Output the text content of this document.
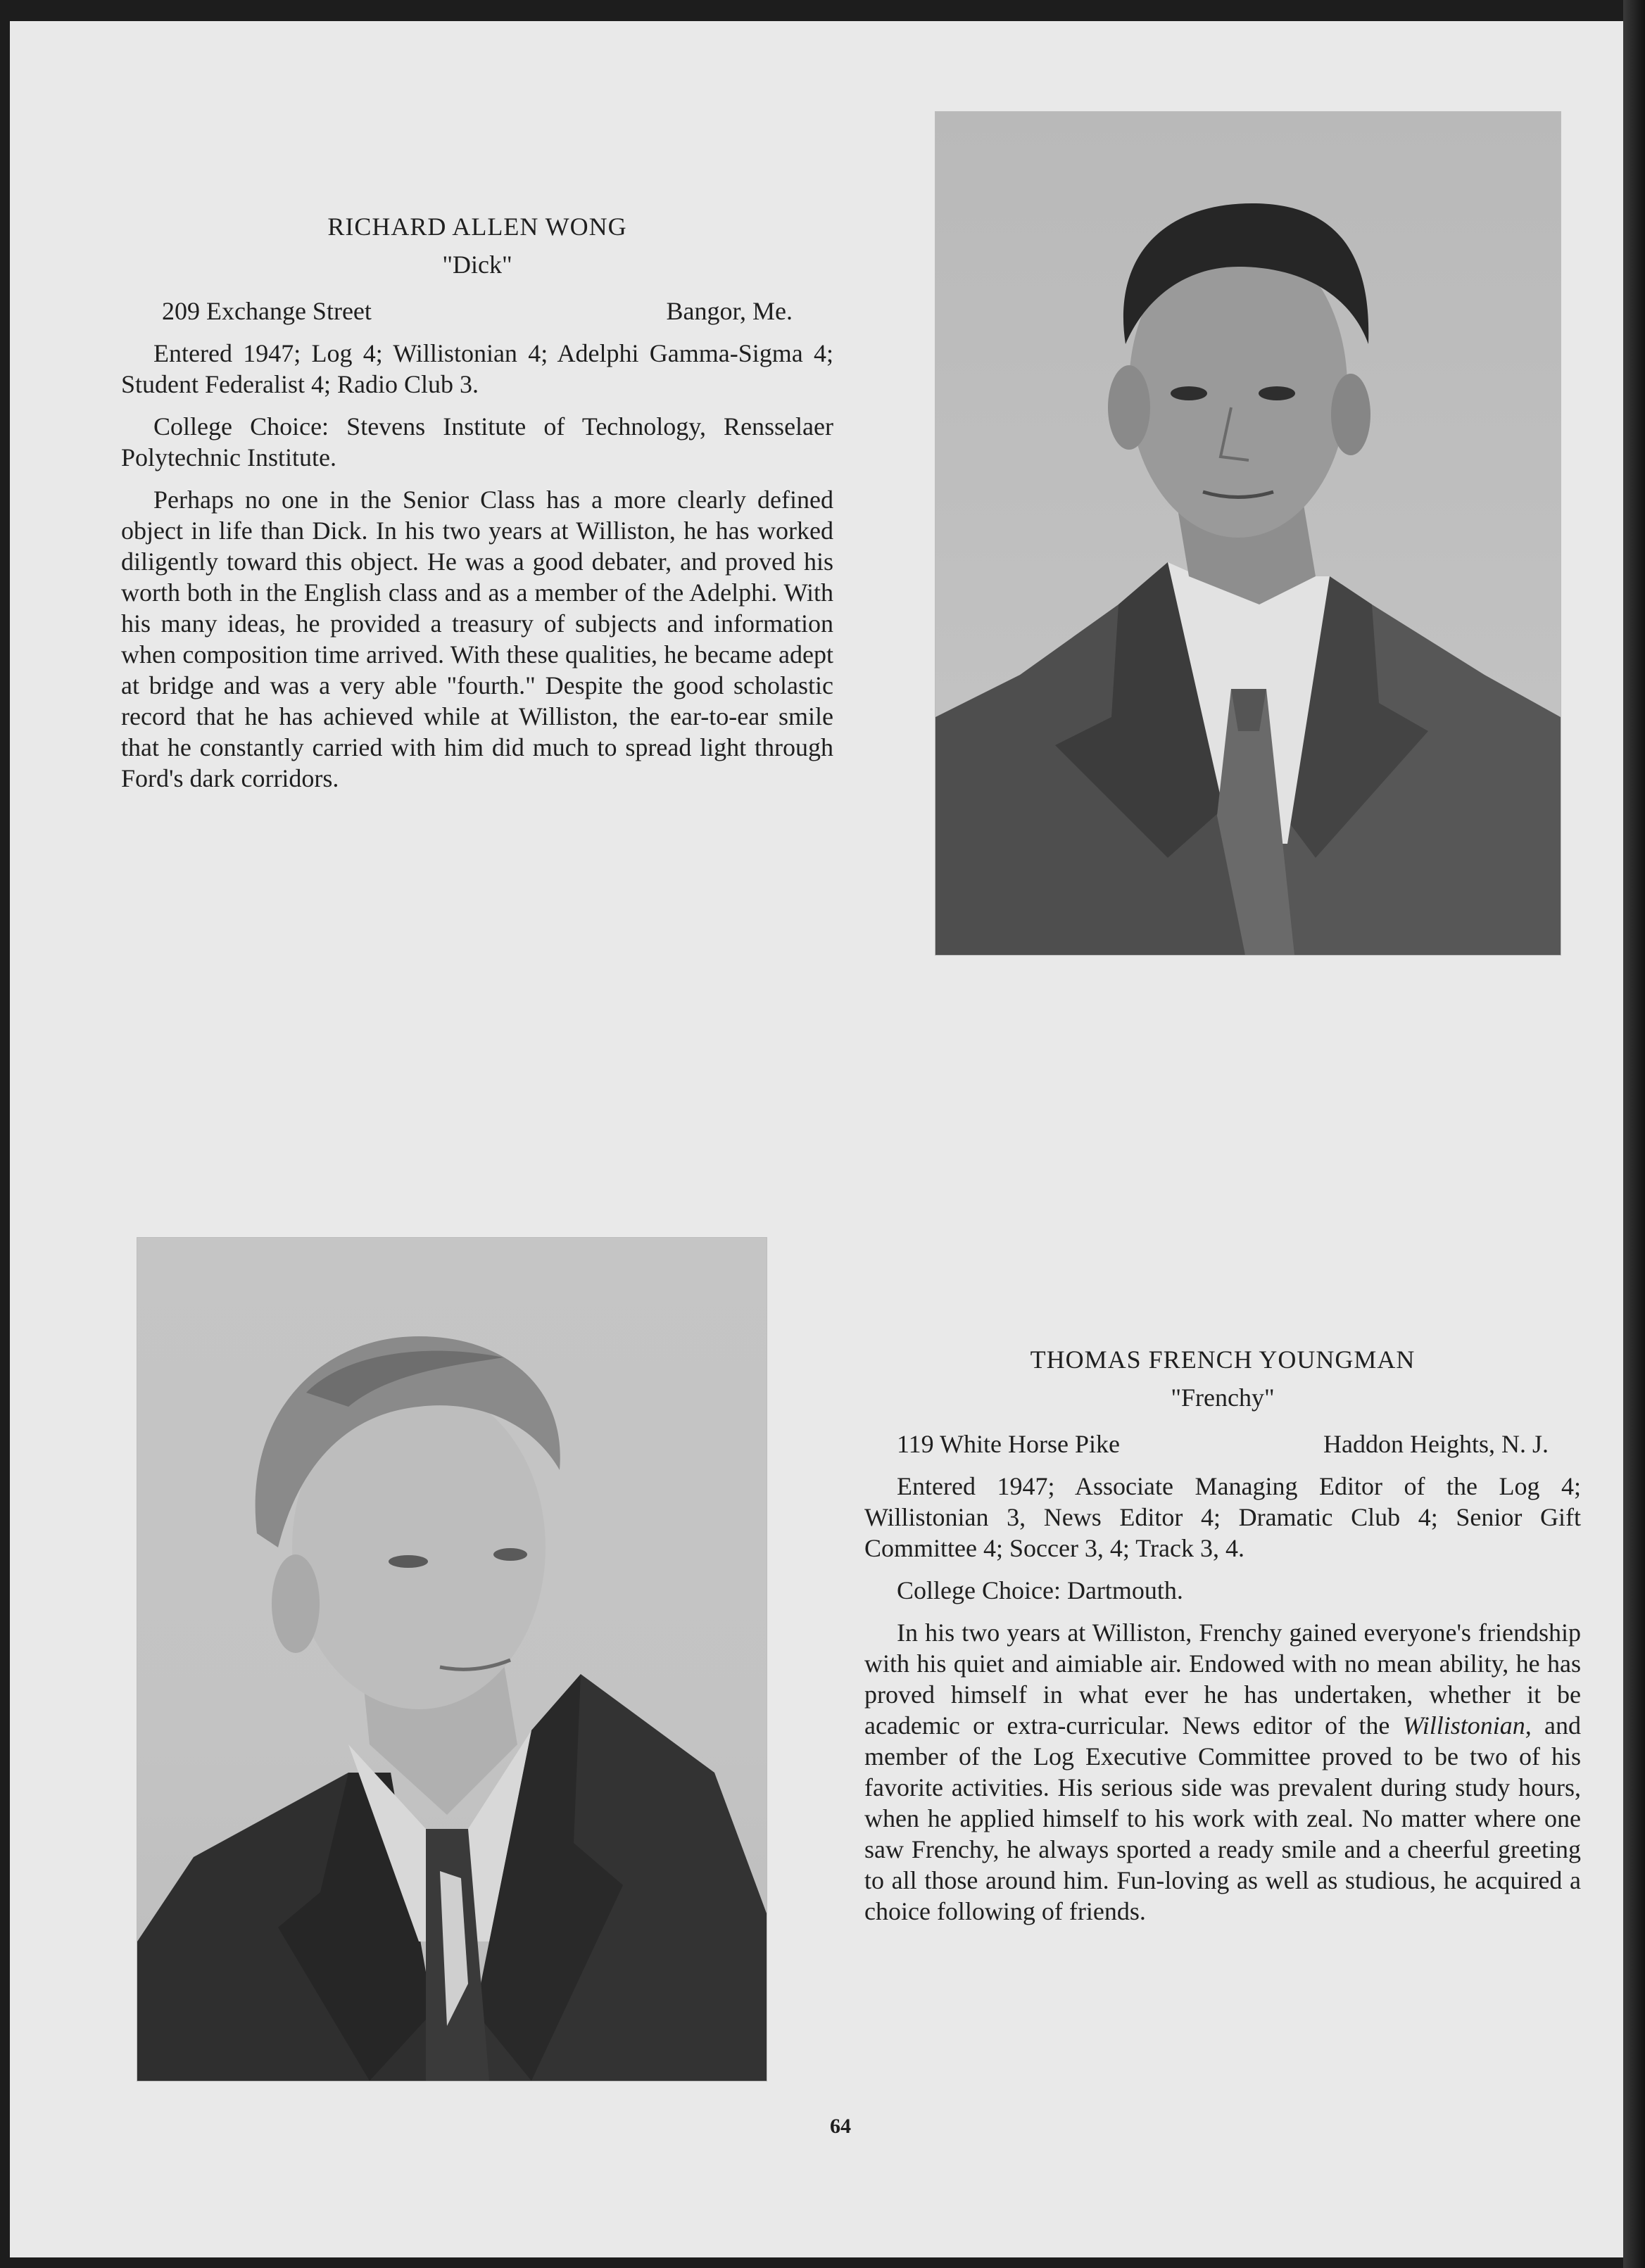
RICHARD ALLEN WONG

"Dick"

209 Exchange Street	Bangor, Me.

Entered 1947; Log 4; Willistonian 4; Adelphi Gamma-Sigma 4; Student Federalist 4; Radio Club 3.

College Choice: Stevens Institute of Technology, Rensselaer Polytechnic Institute.

Perhaps no one in the Senior Class has a more clearly defined object in life than Dick. In his two years at Williston, he has worked diligently toward this object. He was a good debater, and proved his worth both in the English class and as a member of the Adelphi. With his many ideas, he provided a treasury of subjects and information when composition time arrived. With these qualities, he became adept at bridge and was a very able "fourth." Despite the good scholastic record that he has achieved while at Williston, the ear-to-ear smile that he constantly carried with him did much to spread light through Ford's dark corridors.

THOMAS FRENCH YOUNGMAN

"Frenchy"

119 White Horse Pike	Haddon Heights, N. J.

Entered 1947; Associate Managing Editor of the Log 4; Willistonian 3, News Editor 4; Dramatic Club 4; Senior Gift Committee 4; Soccer 3, 4; Track 3, 4.

College Choice: Dartmouth.

In his two years at Williston, Frenchy gained everyone's friendship with his quiet and aimiable air. Endowed with no mean ability, he has proved himself in what ever he has undertaken, whether it be academic or extra-curricular. News editor of the Willistonian, and member of the Log Executive Committee proved to be two of his favorite activities. His serious side was prevalent during study hours, when he applied himself to his work with zeal. No matter where one saw Frenchy, he always sported a ready smile and a cheerful greeting to all those around him. Fun-loving as well as studious, he acquired a choice following of friends.

64
